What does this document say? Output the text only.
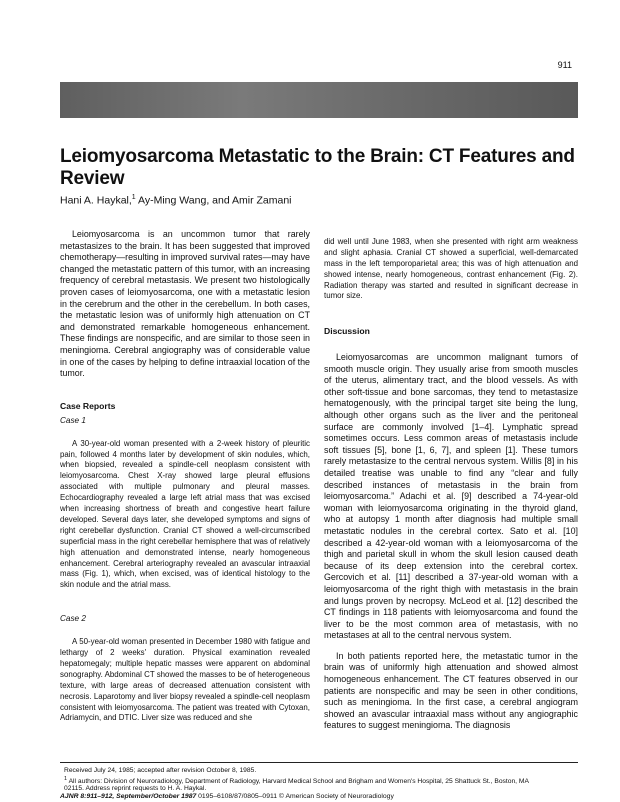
911
Leiomyosarcoma Metastatic to the Brain: CT Features and Review
Hani A. Haykal,$^1$ Ay-Ming Wang, and Amir Zamani

Leiomyosarcoma is an uncommon tumor that rarely metastasizes to the brain. It has been suggested that improved chemotherapy—resulting in improved survival rates—may have changed the metastatic pattern of this tumor, with an increasing frequency of cerebral metastasis. We present two histologically proven cases of leiomyosarcoma, one with a metastatic lesion in the cerebrum and the other in the cerebellum. In both cases, the metastatic lesion was of uniformly high attenuation on CT and demonstrated remarkable homogeneous enhancement. These findings are nonspecific, and are similar to those seen in meningioma. Cerebral angiography was of considerable value in one of the cases by helping to define intraaxial location of the tumor.

Case Reports
Case 1

A 30-year-old woman presented with a 2-week history of pleuritic pain, followed 4 months later by development of skin nodules, which, when biopsied, revealed a spindle-cell neoplasm consistent with leiomyosarcoma. Chest X-ray showed large pleural effusions associated with multiple pulmonary and pleural masses. Echocardiography revealed a large left atrial mass that was excised when increasing shortness of breath and congestive heart failure developed. Several days later, she developed symptoms and signs of right cerebellar dysfunction. Cranial CT showed a well-circumscribed superficial mass in the right cerebellar hemisphere that was of relatively high attenuation and demonstrated intense, nearly homogeneous enhancement. Cerebral arteriography revealed an avascular intraaxial mass (Fig. 1), which, when excised, was of identical histology to the skin nodule and the atrial mass.

Case 2

A 50-year-old woman presented in December 1980 with fatigue and lethargy of 2 weeks' duration. Physical examination revealed hepatomegaly; multiple hepatic masses were apparent on abdominal sonography. Abdominal CT showed the masses to be of heterogeneous texture, with large areas of decreased attenuation consistent with necrosis. Laparotomy and liver biopsy revealed a spindle-cell neoplasm consistent with leiomyosarcoma. The patient was treated with Cytoxan, Adriamycin, and DTIC. Liver size was reduced and she

did well until June 1983, when she presented with right arm weakness and slight aphasia. Cranial CT showed a superficial, well-demarcated mass in the left temporoparietal area; this was of high attenuation and showed intense, nearly homogeneous, contrast enhancement (Fig. 2). Radiation therapy was started and resulted in significant decrease in tumor size.

Discussion

Leiomyosarcomas are uncommon malignant tumors of smooth muscle origin. They usually arise from smooth muscles of the uterus, alimentary tract, and the blood vessels. As with other soft-tissue and bone sarcomas, they tend to metastasize hematogenously, with the principal target site being the lung, although other organs such as the liver and the peritoneal surface are commonly involved [1–4]. Lymphatic spread sometimes occurs. Less common areas of metastasis include soft tissues [5], bone [1, 6, 7], and spleen [1]. These tumors rarely metastasize to the central nervous system. Willis [8] in his detailed treatise was unable to find any “clear and fully described instances of metastasis in the brain from leiomyosarcoma.” Adachi et al. [9] described a 74-year-old woman with leiomyosarcoma originating in the thyroid gland, who at autopsy 1 month after diagnosis had multiple small metastatic nodules in the cerebral cortex. Sato et al. [10] described a 42-year-old woman with a leiomyosarcoma of the thigh and parietal skull in whom the skull lesion caused death because of its deep extension into the cerebral cortex. Gercovich et al. [11] described a 37-year-old woman with a leiomyosarcoma of the right thigh with metastasis in the brain and lungs proven by necropsy. McLeod et al. [12] described the CT findings in 118 patients with leiomyosarcoma and found the liver to be the most common area of metastasis, with no metastases at all to the central nervous system.

In both patients reported here, the metastatic tumor in the brain was of uniformly high attenuation and showed almost homogeneous enhancement. The CT features observed in our patients are nonspecific and may be seen in other conditions, such as meningioma. In the first case, a cerebral angiogram showed an avascular intraaxial mass without any angiographic features to suggest meningioma. The diagnosis

Received July 24, 1985; accepted after revision October 8, 1985.
$^1$ All authors: Division of Neuroradiology, Department of Radiology, Harvard Medical School and Brigham and Women's Hospital, 25 Shattuck St., Boston, MA
02115. Address reprint requests to H. A. Haykal.
AJNR 8:911–912, September/October 1987 0195–6108/87/0805–0911 © American Society of Neuroradiology
